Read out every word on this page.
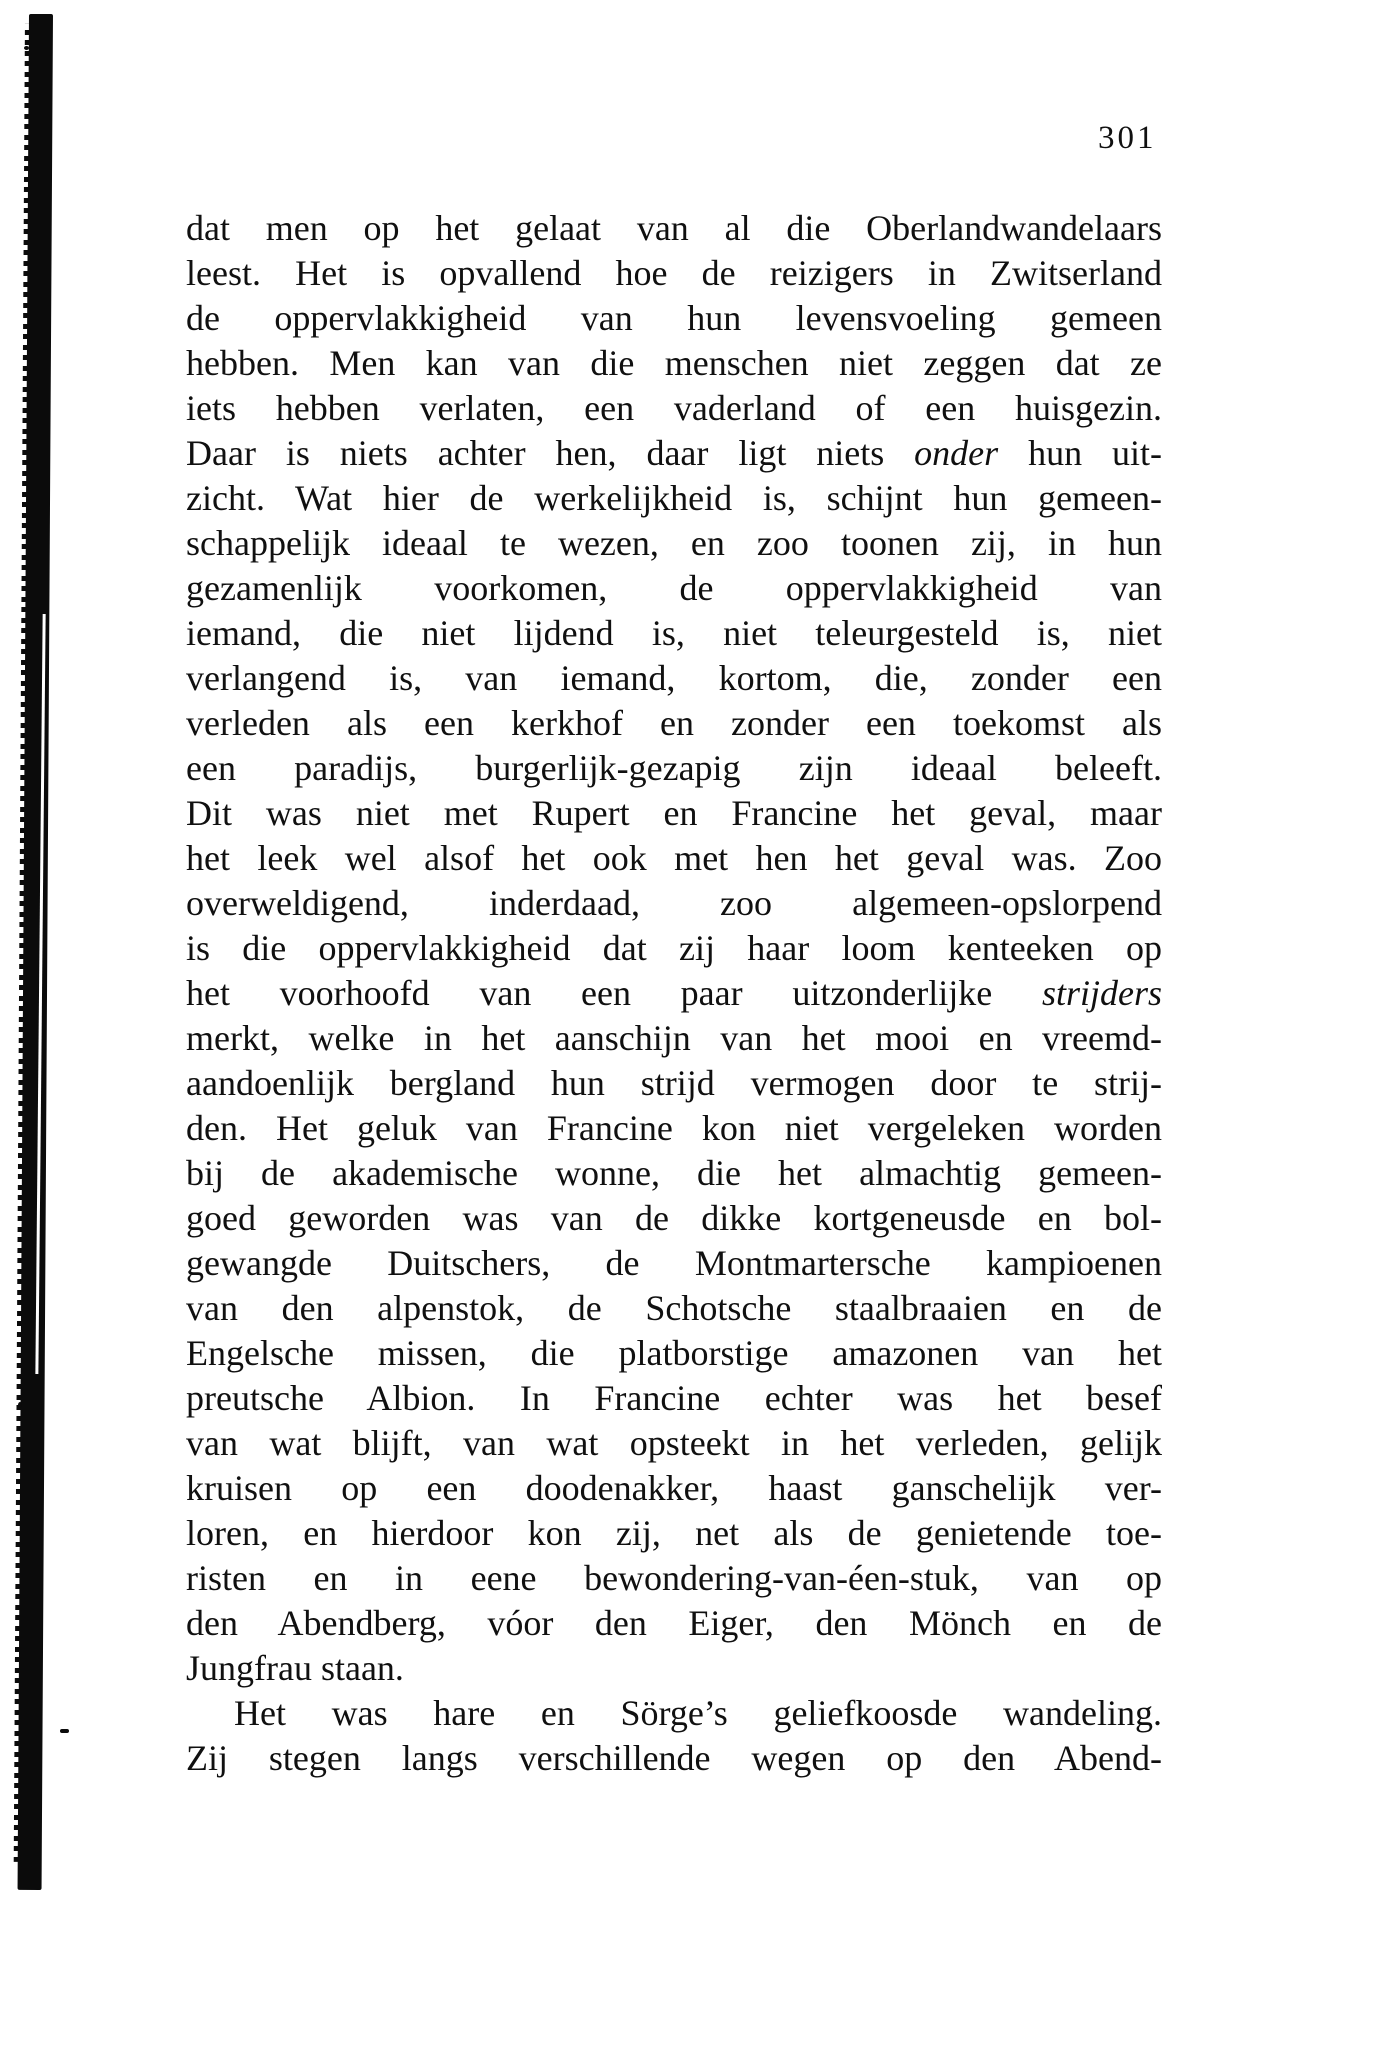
301
dat men op het gelaat van al die Oberlandwandelaars
leest. Het is opvallend hoe de reizigers in Zwitserland
de oppervlakkigheid van hun levensvoeling gemeen
hebben. Men kan van die menschen niet zeggen dat ze
iets hebben verlaten, een vaderland of een huisgezin.
Daar is niets achter hen, daar ligt niets onder hun uit-
zicht. Wat hier de werkelijkheid is, schijnt hun gemeen-
schappelijk ideaal te wezen, en zoo toonen zij, in hun
gezamenlijk voorkomen, de oppervlakkigheid van
iemand, die niet lijdend is, niet teleurgesteld is, niet
verlangend is, van iemand, kortom, die, zonder een
verleden als een kerkhof en zonder een toekomst als
een paradijs, burgerlijk-gezapig zijn ideaal beleeft.
Dit was niet met Rupert en Francine het geval, maar
het leek wel alsof het ook met hen het geval was. Zoo
overweldigend, inderdaad, zoo algemeen-opslorpend
is die oppervlakkigheid dat zij haar loom kenteeken op
het voorhoofd van een paar uitzonderlijke strijders
merkt, welke in het aanschijn van het mooi en vreemd-
aandoenlijk bergland hun strijd vermogen door te strij-
den. Het geluk van Francine kon niet vergeleken worden
bij de akademische wonne, die het almachtig gemeen-
goed geworden was van de dikke kortgeneusde en bol-
gewangde Duitschers, de Montmartersche kampioenen
van den alpenstok, de Schotsche staalbraaien en de
Engelsche missen, die platborstige amazonen van het
preutsche Albion. In Francine echter was het besef
van wat blijft, van wat opsteekt in het verleden, gelijk
kruisen op een doodenakker, haast ganschelijk ver-
loren, en hierdoor kon zij, net als de genietende toe-
risten en in eene bewondering-van-éen-stuk, van op
den Abendberg, vóor den Eiger, den Mönch en de
Jungfrau staan.
Het was hare en Sörge’s geliefkoosde wandeling.
Zij stegen langs verschillende wegen op den Abend-
